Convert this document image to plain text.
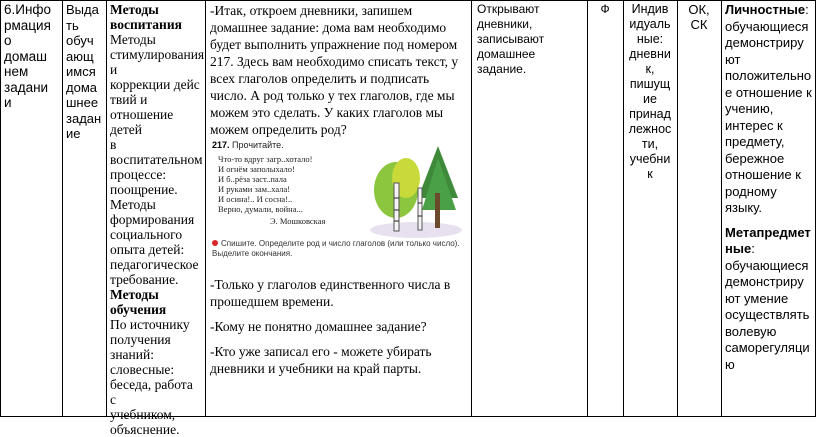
6.Инфо
рмация
о
домаш
нем
задани
и
Выда
ть
обуч
ающ
имся
дома
шнее
задан
ие

Методы
воспитания

Методы
стимулирования
и
коррекции дейс
твий и
отношение детей
в
воспитательном
процессе:
поощрение.
Методы
формирования
социального
опыта детей:
педагогическое
требование.

Методы
обучения

По источнику
получения
знаний:
словесные:
беседа, работа с
учебником,
объяснение.

-Итак, откроем дневники, запишем домашнее задание: дома вам необходимо будет выполнить упражнение под номером 217. Здесь вам необходимо списать текст, у всех глаголов определить и подписать число. А род только у тех глаголов, где мы можем это сделать. У каких глаголов мы можем определить род?

217. Прочитайте.
Что-то вдруг загр..хотало!
И огнём заполыхало!
И б..рёза заст..пала
И руками зам..хала!
И осина!.. И сосна!..
Верно, думали, война...
Э. Мошковская
Спишите. Определите род и число глаголов (или только число). Выделите окончания.

-Только у глаголов единственного числа в прошедшем времени.

-Кому не понятно домашнее задание?

-Кто уже записал его - можете убирать дневники и учебники на край парты.

Открывают
дневники,
записывают
домашнее задание.
Ф	Индив
идуаль
ные:
дневни
к,
пишущ
ие
принад
лежнос
ти,
учебни
к
ОК,
СК

Личностные:
обучающиеся
демонстриру
ют
положительно
е отношение к
учению,
интерес к
предмету,
бережное
отношение к
родному
языку.

Метапредмет
ные:
обучающиеся
демонстриру
ют умение
осуществлять
волевую
саморегуляци
ю
